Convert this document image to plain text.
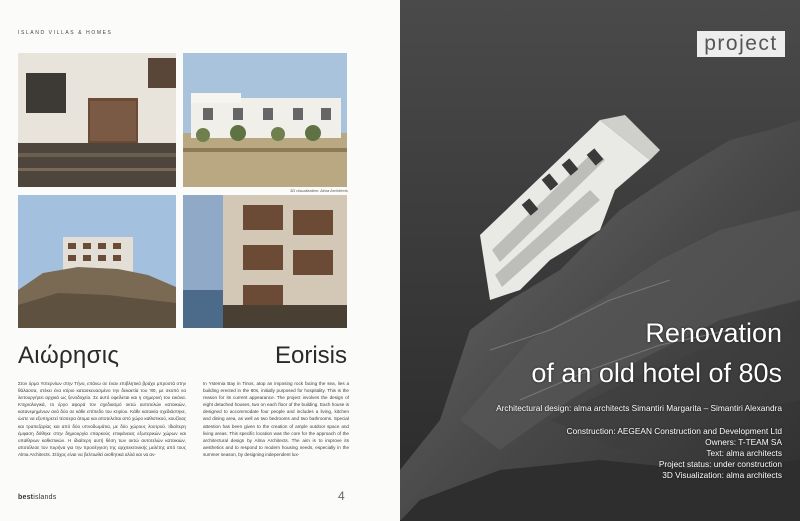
ISLAND VILLAS & HOMES
3D visualization: Alma Architects
Αιώρησις	Eorisis
Στον όρμο Υστερνίων στην Τήνο, επάνω σε έναν επιβλητικό βράχο μπροστά στην θάλασσα, στέκει ένα κτίριο κατασκευασμένο την δεκαετία του '80, με σκοπό να λειτουργήσει αρχικά ως ξενοδοχείο. Σε αυτό οφείλεται και η σημερινή του εικόνα. Κτηριολογικά, το έργο αφορά τον σχεδιασμό οκτώ αυτοτελών κατοικιών, κατανεμημένων ανά δύο σε κάθε επίπεδο του κτιρίου. Κάθε κατοικία σχεδιάστηκε, ώστε να εξυπηρετεί τέσσερα άτομα και αποτελείται από χώρο καθιστικού, κουζίνας και τραπεζαρίας και από δύο υπνοδωμάτια, με δύο χώρους λουτρού. Ιδιαίτερη έμφαση δόθηκε στην δημιουργία επαρκούς επιφάνειας εξωτερικών χώρων και υπαίθριων καθιστικών. Η ιδιαίτερη αυτή θέση των οκτώ αυτοτελών κατοικιών, αποτέλεσε τον πυρήνα για την προσέγγιση της αρχιτεκτονικής μελέτης από τους Alma Architects. Στόχος είναι να βελτιωθεί αισθητικά αλλά και να αν-
In Ysternia Bay in Tinos, atop an imposing rock facing the sea, lies a building erected in the 80s, initially purposed for hospitality. This is the reason for its current appearance. The project involves the design of eight detached houses, two on each floor of the building. Each house is designed to accommodate four people and includes a living, kitchen and dining area, as well as two bedrooms and two bathrooms. Special attention has been given to the creation of ample outdoor space and living areas. This specific location was the core for the approach of the architectural design by Alma Architects. The aim is to improve its aesthetics and to respond to modern housing needs, especially in the summer season, by designing independent lux-
bestislands	4
project
Renovation
of an old hotel of 80s
Architectural design: alma architects Simantiri Margarita – Simantiri Alexandra
Construction: AEGEAN Construction and Development Ltd
Owners: T-TEAM SA
Text: alma architects
Project status: under construction
3D Visualization: alma architects
